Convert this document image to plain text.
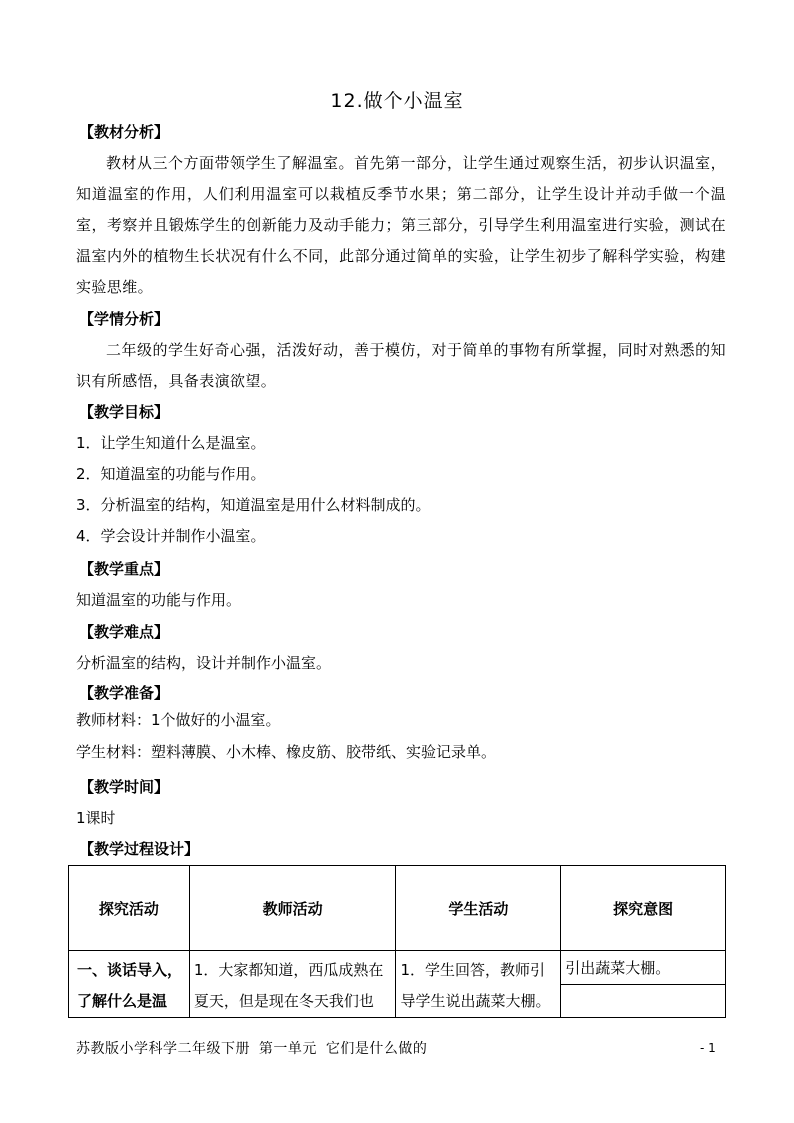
12.做个小温室
【教材分析】

教材从三个方面带领学生了解温室。首先第一部分，让学生通过观察生活，初步认识温室，知道温室的作用，人们利用温室可以栽植反季节水果；第二部分，让学生设计并动手做一个温室，考察并且锻炼学生的创新能力及动手能力；第三部分，引导学生利用温室进行实验，测试在温室内外的植物生长状况有什么不同，此部分通过简单的实验，让学生初步了解科学实验，构建实验思维。

【学情分析】

二年级的学生好奇心强，活泼好动，善于模仿，对于简单的事物有所掌握，同时对熟悉的知识有所感悟，具备表演欲望。

【教学目标】
1．让学生知道什么是温室。
2．知道温室的功能与作用。
3．分析温室的结构，知道温室是用什么材料制成的。
4．学会设计并制作小温室。
【教学重点】
知道温室的功能与作用。
【教学难点】
分析温室的结构，设计并制作小温室。
【教学准备】
教师材料：1个做好的小温室。
学生材料：塑料薄膜、小木棒、橡皮筋、胶带纸、实验记录单。
【教学时间】
1课时
【教学过程设计】
探究活动	教师活动	学生活动	探究意图

一、谈话导入，了解什么是温	1．大家都知道，西瓜成熟在夏天，但是现在冬天我们也	1．学生回答，教师引导学生说出蔬菜大棚。	引出蔬菜大棚。

苏教版小学科学二年级下册 第一单元 它们是什么做的	- 1
